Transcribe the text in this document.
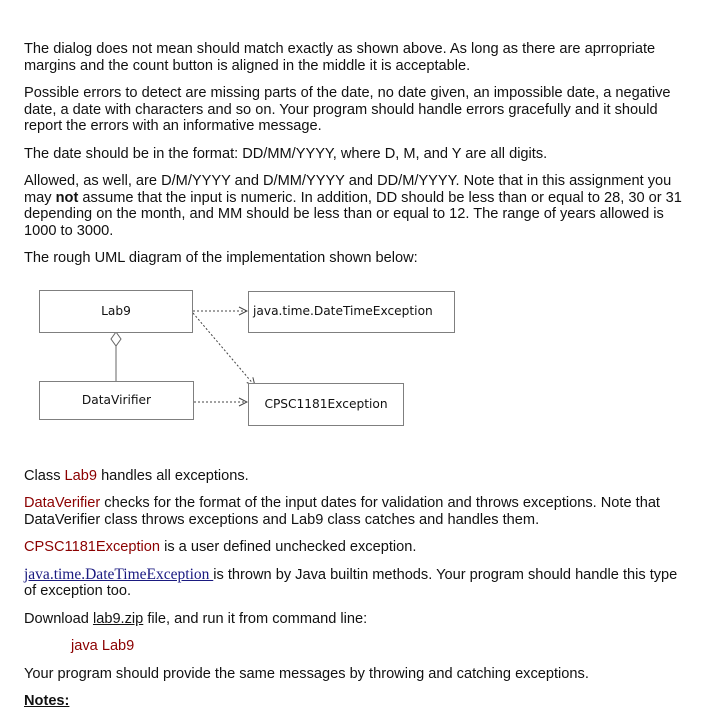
The dialog does not mean should match exactly as shown above. As long as there are aprropriate margins and the count button is aligned in the middle it is acceptable.

Possible errors to detect are missing parts of the date, no date given, an impossible date, a negative date, a date with characters and so on. Your program should handle errors gracefully and it should report the errors with an informative message.

The date should be in the format: DD/MM/YYYY, where D, M, and Y are all digits.

Allowed, as well, are D/M/YYYY and D/MM/YYYY and DD/M/YYYY. Note that in this assignment you may not assume that the input is numeric. In addition, DD should be less than or equal to 28, 30 or 31 depending on the month, and MM should be less than or equal to 12. The range of years allowed is 1000 to 3000.

The rough UML diagram of the implementation shown below:

Lab9	java.time.DateTimeException
DataVirifier	CPSC1181Exception

Class Lab9 handles all exceptions.

DataVerifier checks for the format of the input dates for validation and throws exceptions. Note that DataVerifier class throws exceptions and Lab9 class catches and handles them.

CPSC1181Exception is a user defined unchecked exception.

java.time.DateTimeException is thrown by Java builtin methods. Your program should handle this type of exception too.

Download lab9.zip file, and run it from command line:

java Lab9

Your program should provide the same messages by throwing and catching exceptions.

Notes:
